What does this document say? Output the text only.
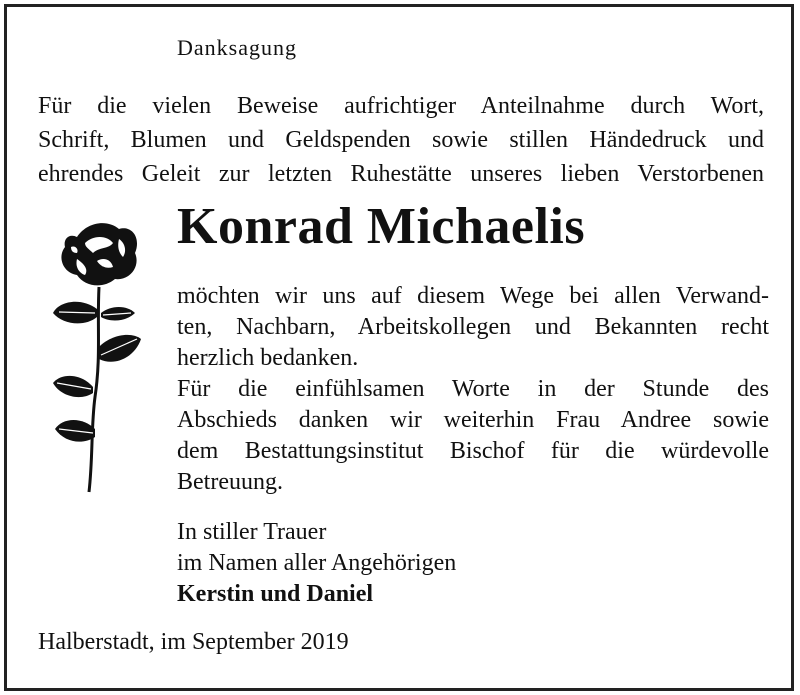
Danksagung
Für die vielen Beweise aufrichtiger Anteilnahme durch Wort,
Schrift, Blumen und Geldspenden sowie stillen Händedruck und
ehrendes Geleit zur letzten Ruhestätte unseres lieben Verstorbenen
Konrad Michaelis
möchten wir uns auf diesem Wege bei allen Verwand-
ten, Nachbarn, Arbeitskollegen und Bekannten recht

herzlich bedanken.

Für die einfühlsamen Worte in der Stunde des
Abschieds danken wir weiterhin Frau Andree sowie
dem Bestattungsinstitut Bischof für die würdevolle

Betreuung.

In stiller Trauer
im Namen aller Angehörigen
Kerstin und Daniel
Halberstadt, im September 2019
